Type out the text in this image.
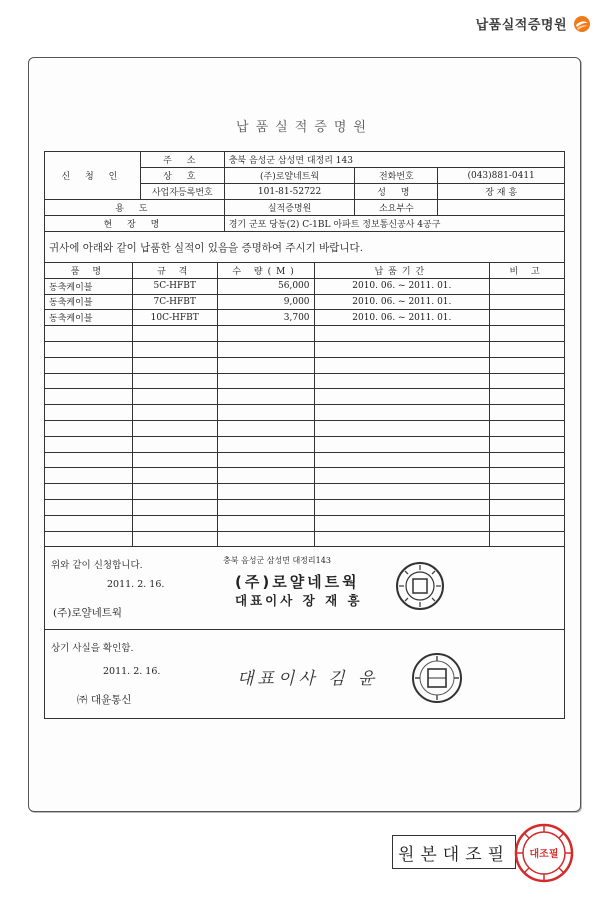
납품실적증명원
납품실적증명원
신 청 인	주 소	충북 음성군 삼성면 대정리 143		
	상 호	(주)로얄네트웍	전화번호	(043)881-0411
	사업자등록번호	101-81-52722	성 명	장 재 흥
용 도		실적증명원	소요부수	
현 장 명		경기 군포 당동(2) C-1BL 아파트 정보통신공사 4공구		
귀사에 아래와 같이 납품한 실적이 있음을 증명하여 주시기 바랍니다.
품 명	규 격	수 량(M)	납품기간	비 고
동축케이블	5C-HFBT	56,000	2010. 06. ~ 2011. 01.	
동축케이블	7C-HFBT	9,000	2010. 06. ~ 2011. 01.	
동축케이블	10C-HFBT	3,700	2010. 06. ~ 2011. 01.	

위와 같이 신청합니다.
2011. 2. 16.
(주)로얄네트웍
충북 음성군 삼성면 대정리143
(주)로얄네트웍
대표이사 장 재 흥
상기 사실을 확인함.
2011. 2. 16.
㈜ 대윤통신
대표이사 김 윤
원본대조필 대조필
